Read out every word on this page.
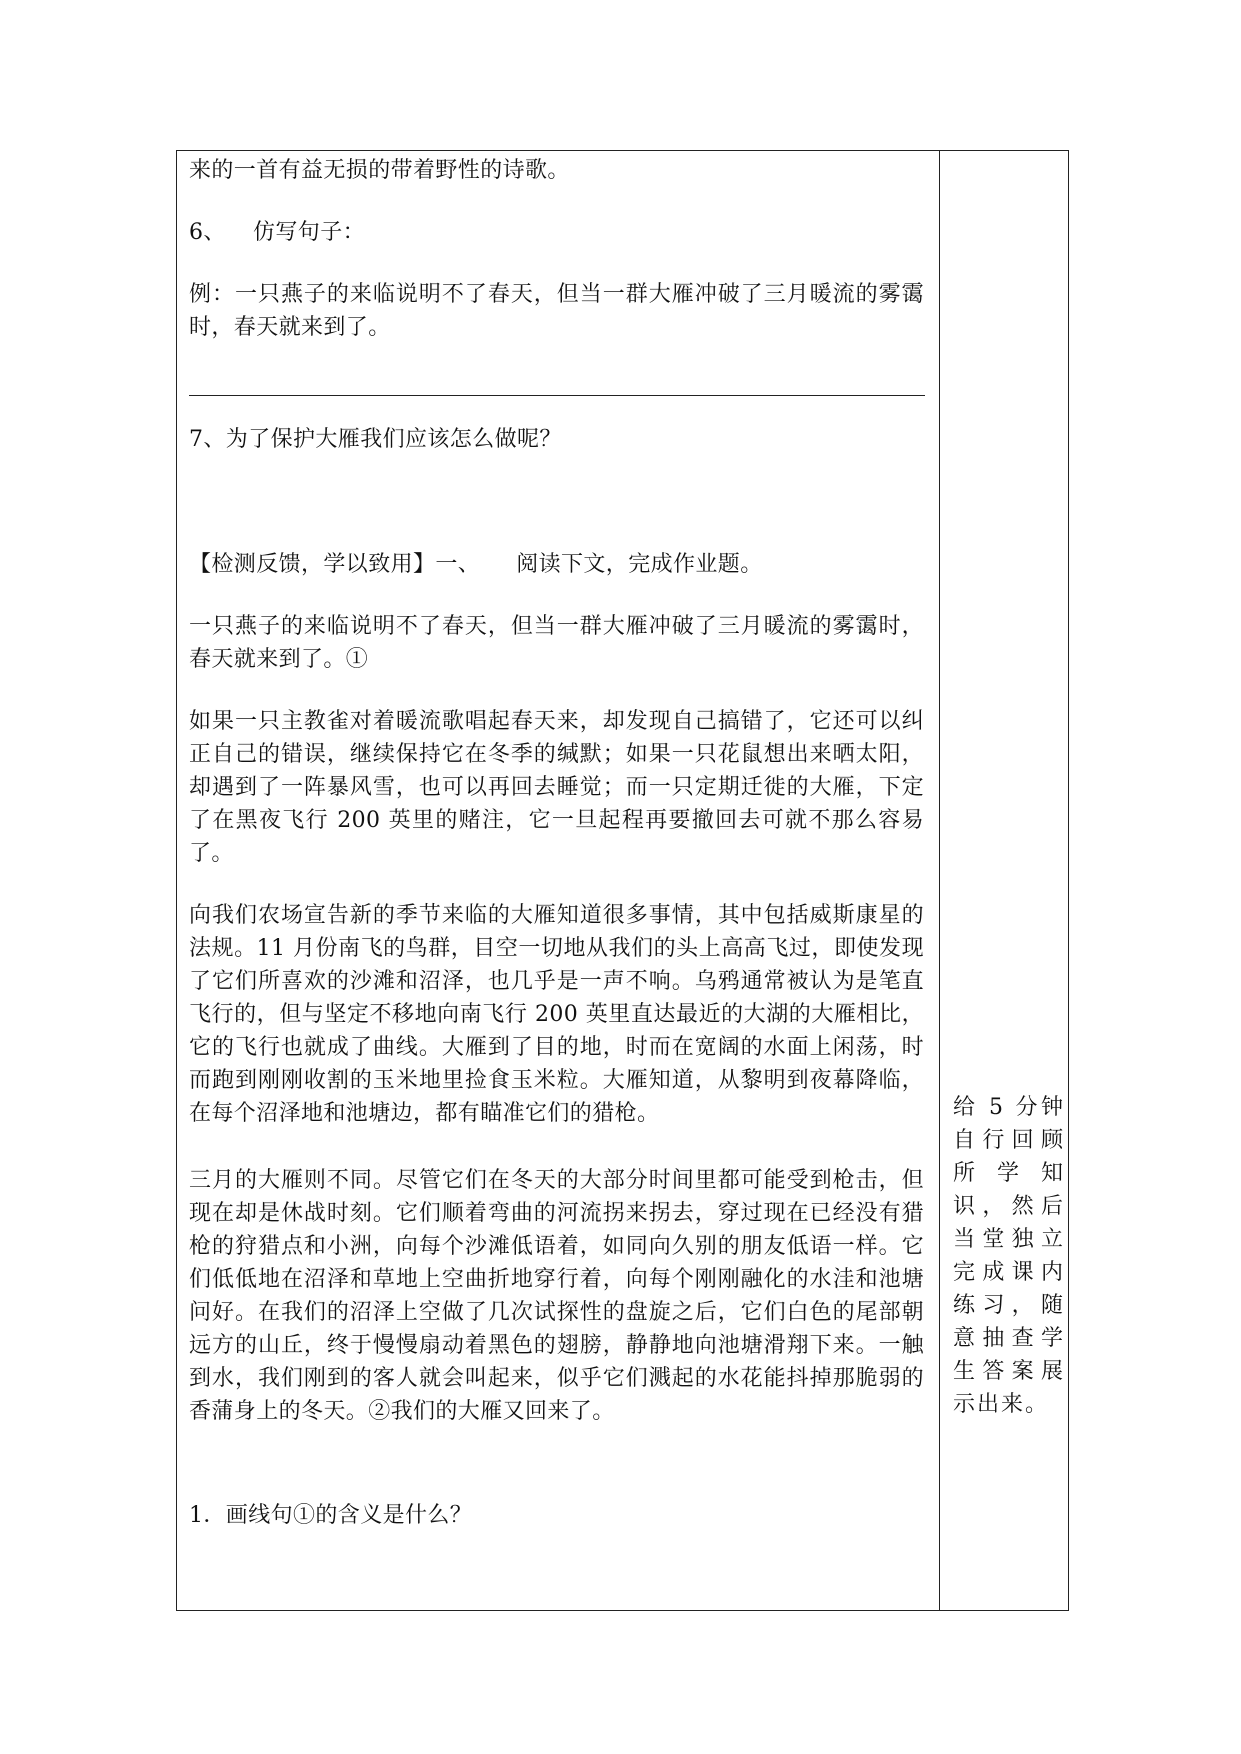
来的一首有益无损的带着野性的诗歌。

6、 仿写句子：

例：一只燕子的来临说明不了春天，但当一群大雁冲破了三月暖流的雾霭时，春天就来到了。

7、为了保护大雁我们应该怎么做呢？

【检测反馈，学以致用】一、 阅读下文，完成作业题。

一只燕子的来临说明不了春天，但当一群大雁冲破了三月暖流的雾霭时，春天就来到了。①

如果一只主教雀对着暖流歌唱起春天来，却发现自己搞错了，它还可以纠正自己的错误，继续保持它在冬季的缄默；如果一只花鼠想出来晒太阳，却遇到了一阵暴风雪，也可以再回去睡觉；而一只定期迁徙的大雁，下定了在黑夜飞行 200 英里的赌注，它一旦起程再要撤回去可就不那么容易了。

向我们农场宣告新的季节来临的大雁知道很多事情，其中包括威斯康星的法规。11 月份南飞的鸟群，目空一切地从我们的头上高高飞过，即使发现了它们所喜欢的沙滩和沼泽，也几乎是一声不响。乌鸦通常被认为是笔直飞行的，但与坚定不移地向南飞行 200 英里直达最近的大湖的大雁相比，它的飞行也就成了曲线。大雁到了目的地，时而在宽阔的水面上闲荡，时而跑到刚刚收割的玉米地里捡食玉米粒。大雁知道，从黎明到夜幕降临，在每个沼泽地和池塘边，都有瞄准它们的猎枪。

三月的大雁则不同。尽管它们在冬天的大部分时间里都可能受到枪击，但现在却是休战时刻。它们顺着弯曲的河流拐来拐去，穿过现在已经没有猎枪的狩猎点和小洲，向每个沙滩低语着，如同向久别的朋友低语一样。它们低低地在沼泽和草地上空曲折地穿行着，向每个刚刚融化的水洼和池塘问好。在我们的沼泽上空做了几次试探性的盘旋之后，它们白色的尾部朝远方的山丘，终于慢慢扇动着黑色的翅膀，静静地向池塘滑翔下来。一触到水，我们刚到的客人就会叫起来，似乎它们溅起的水花能抖掉那脆弱的香蒲身上的冬天。②我们的大雁又回来了。

1．画线句①的含义是什么？

给 5 分钟自行回顾所学知识，然后当堂独立完成课内练习，随意抽查学生答案展示出来。
